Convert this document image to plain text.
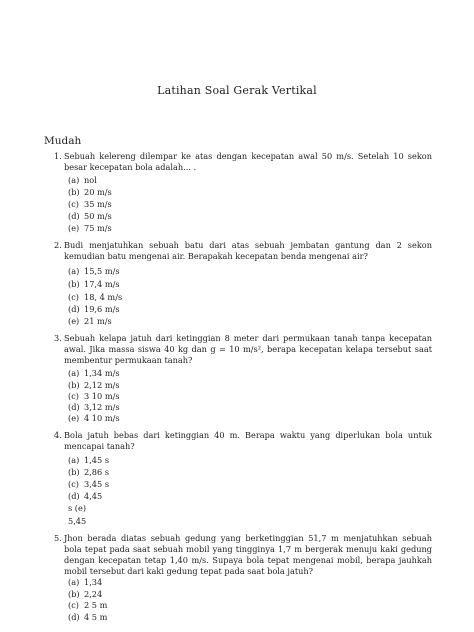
Latihan Soal Gerak Vertikal
Mudah
1. Sebuah kelereng dilempar ke atas dengan kecepatan awal 50 m/s. Setelah 10 sekon besar kecepatan bola adalah... .
(a) nol
(b) 20 m/s
(c) 35 m/s
(d) 50 m/s
(e) 75 m/s
2. Budi menjatuhkan sebuah batu dari atas sebuah jembatan gantung dan 2 sekon kemudian batu mengenai air. Berapakah kecepatan benda mengenai air?
(a) 15,5 m/s
(b) 17,4 m/s
(c) 18, 4 m/s
(d) 19,6 m/s
(e) 21 m/s
3. Sebuah kelapa jatuh dari ketinggian 8 meter dari permukaan tanah tanpa kecepatan awal. Jika massa siswa 40 kg dan g = 10 m/s², berapa kecepatan kelapa tersebut saat membentur permukaan tanah?
(a) 1,34 m/s
(b) 2,12 m/s
(c) 3 10 m/s
(d) 3,12 m/s
(e) 4 10 m/s
4. Bola jatuh bebas dari ketinggian 40 m. Berapa waktu yang diperlukan bola untuk mencapai tanah?
(a) 1,45 s
(b) 2,86 s
(c) 3,45 s
(d) 4,45
s (e)
5,45
5. Jhon berada diatas sebuah gedung yang berketinggian 51,7 m menjatuhkan sebuah bola tepat pada saat sebuah mobil yang tingginya 1,7 m bergerak menuju kaki gedung dengan kecepatan tetap 1,40 m/s. Supaya bola tepat mengenai mobil, berapa jauhkah mobil tersebut dari kaki gedung tepat pada saat bola jatuh?
(a) 1,34
(b) 2,24
(c) 2 5 m
(d) 4 5 m
